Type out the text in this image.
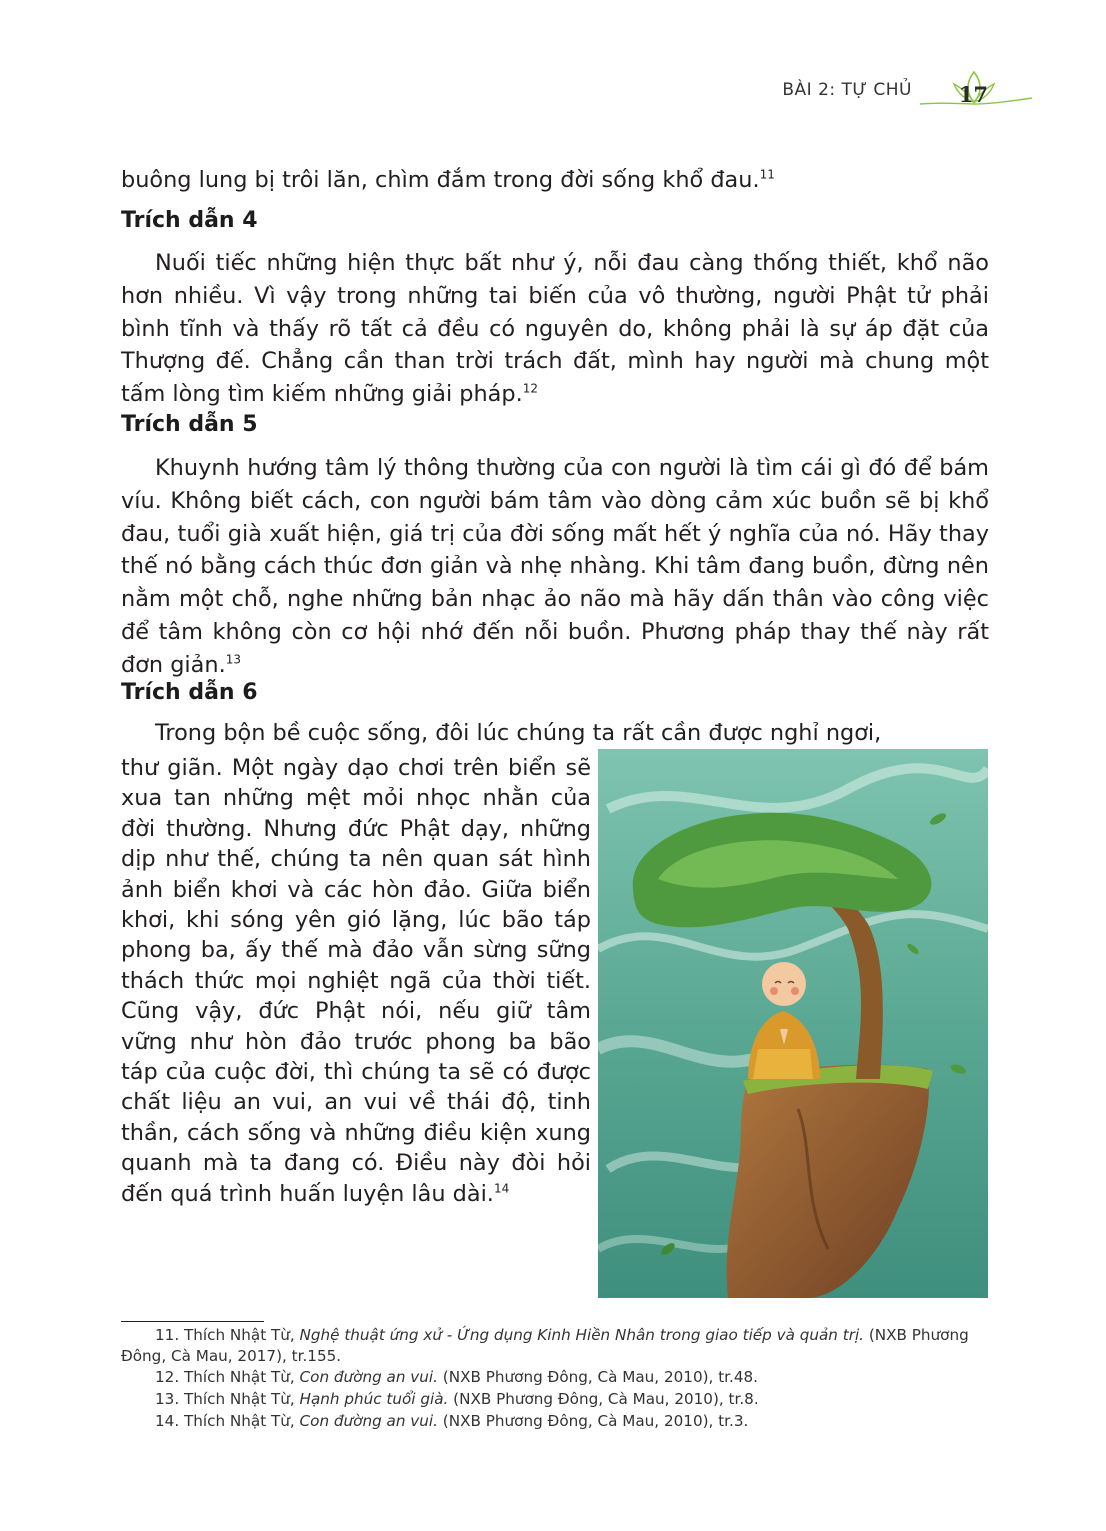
BÀI 2: TỰ CHỦ 17

buông lung bị trôi lăn, chìm đắm trong đời sống khổ đau.$^{11}$

Trích dẫn 4

Nuối tiếc những hiện thực bất như ý, nỗi đau càng thống thiết, khổ não hơn nhiều. Vì vậy trong những tai biến của vô thường, người Phật tử phải bình tĩnh và thấy rõ tất cả đều có nguyên do, không phải là sự áp đặt của Thượng đế. Chẳng cần than trời trách đất, mình hay người mà chung một tấm lòng tìm kiếm những giải pháp.$^{12}$

Trích dẫn 5

Khuynh hướng tâm lý thông thường của con người là tìm cái gì đó để bám víu. Không biết cách, con người bám tâm vào dòng cảm xúc buồn sẽ bị khổ đau, tuổi già xuất hiện, giá trị của đời sống mất hết ý nghĩa của nó. Hãy thay thế nó bằng cách thúc đơn giản và nhẹ nhàng. Khi tâm đang buồn, đừng nên nằm một chỗ, nghe những bản nhạc ảo não mà hãy dấn thân vào công việc để tâm không còn cơ hội nhớ đến nỗi buồn. Phương pháp thay thế này rất đơn giản.$^{13}$

Trích dẫn 6

Trong bộn bề cuộc sống, đôi lúc chúng ta rất cần được nghỉ ngơi,

thư giãn. Một ngày dạo chơi trên biển sẽ xua tan những mệt mỏi nhọc nhằn của đời thường. Nhưng đức Phật dạy, những dịp như thế, chúng ta nên quan sát hình ảnh biển khơi và các hòn đảo. Giữa biển khơi, khi sóng yên gió lặng, lúc bão táp phong ba, ấy thế mà đảo vẫn sừng sững thách thức mọi nghiệt ngã của thời tiết. Cũng vậy, đức Phật nói, nếu giữ tâm vững như hòn đảo trước phong ba bão táp của cuộc đời, thì chúng ta sẽ có được chất liệu an vui, an vui về thái độ, tinh thần, cách sống và những điều kiện xung quanh mà ta đang có. Điều này đòi hỏi đến quá trình huấn luyện lâu dài.$^{14}$

11. Thích Nhật Từ, Nghệ thuật ứng xử - Ứng dụng Kinh Hiền Nhân trong giao tiếp và quản trị. (NXB Phương Đông, Cà Mau, 2017), tr.155.

12. Thích Nhật Từ, Con đường an vui. (NXB Phương Đông, Cà Mau, 2010), tr.48.

13. Thích Nhật Từ, Hạnh phúc tuổi già. (NXB Phương Đông, Cà Mau, 2010), tr.8.

14. Thích Nhật Từ, Con đường an vui. (NXB Phương Đông, Cà Mau, 2010), tr.3.
